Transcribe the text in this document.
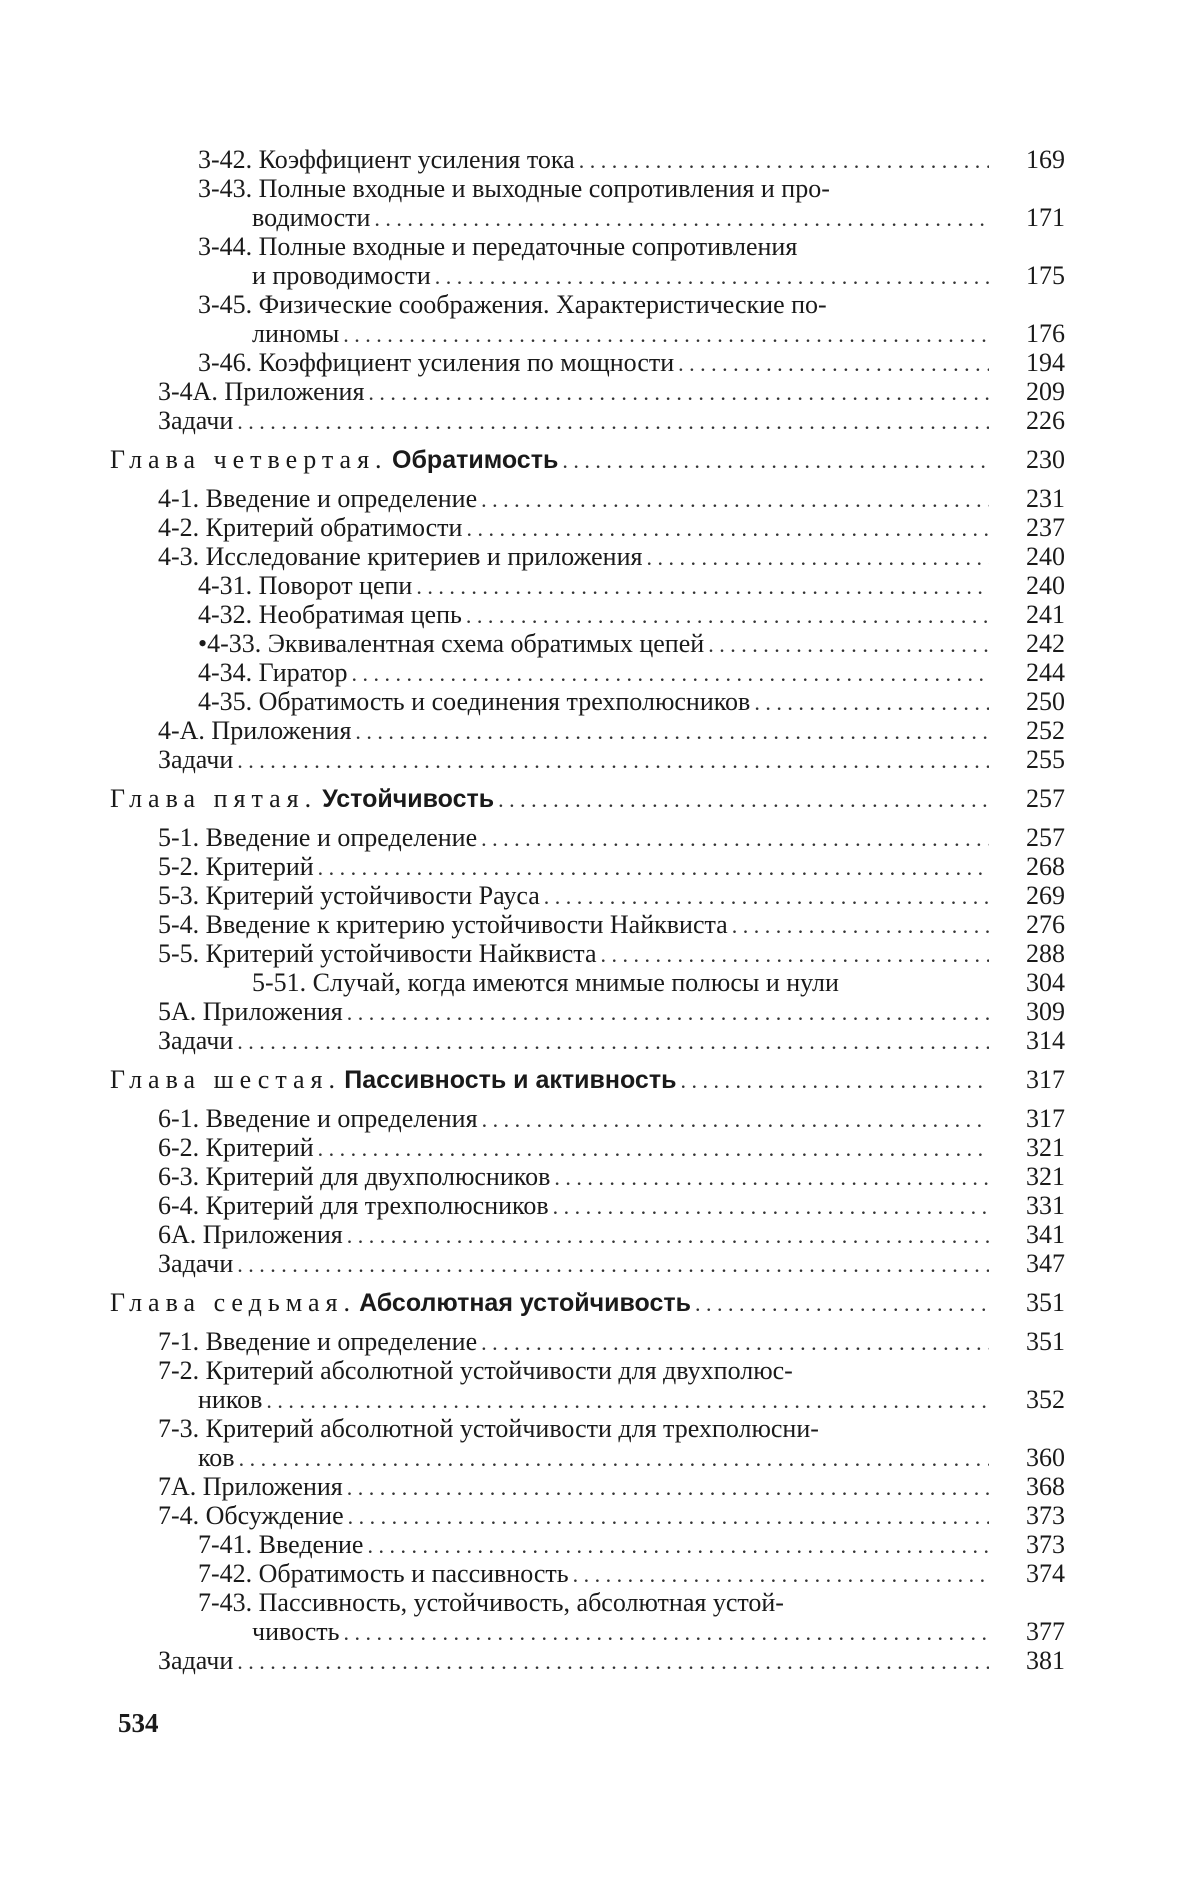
3-42. Коэффициент усиления тока . . .	169
3-43. Полные входные и выходные сопротивления и про-
водимости . . .	171
3-44. Полные входные и передаточные сопротивления
и проводимости . . .	175
3-45. Физические соображения. Характеристические по-
линомы . . .	176
3-46. Коэффициент усиления по мощности . . .	194
3-4А. Приложения . . .	209
Задачи . . .	226
Глава четвертая. Обратимость . . .	230
4-1. Введение и определение . . .	231
4-2. Критерий обратимости . . .	237
4-3. Исследование критериев и приложения . . .	240
4-31. Поворот цепи . . .	240
4-32. Необратимая цепь . . .	241
•4-33. Эквивалентная схема обратимых цепей . . .	242
4-34. Гиратор . . .	244
4-35. Обратимость и соединения трехполюсников . . .	250
4-А. Приложения . . .	252
Задачи . . .	255
Глава пятая. Устойчивость . . .	257
5-1. Введение и определение . . .	257
5-2. Критерий . . .	268
5-3. Критерий устойчивости Рауса . . .	269
5-4. Введение к критерию устойчивости Найквиста . . .	276
5-5. Критерий устойчивости Найквиста . . .	288
5-51. Случай, когда имеются мнимые полюсы и нули	304
5А. Приложения . . .	309
Задачи . . .	314
Глава шестая. Пассивность и активность . . .	317
6-1. Введение и определения . . .	317
6-2. Критерий . . .	321
6-3. Критерий для двухполюсников . . .	321
6-4. Критерий для трехполюсников . . .	331
6А. Приложения . . .	341
Задачи . . .	347
Глава седьмая. Абсолютная устойчивость . . .	351
7-1. Введение и определение . . .	351
7-2. Критерий абсолютной устойчивости для двухполюс-
ников . . .	352
7-3. Критерий абсолютной устойчивости для трехполюсни-
ков . . .	360
7А. Приложения . . .	368
7-4. Обсуждение . . .	373
7-41. Введение . . .	373
7-42. Обратимость и пассивность . . .	374
7-43. Пассивность, устойчивость, абсолютная устой-
чивость . . .	377
Задачи . . .	381
534
